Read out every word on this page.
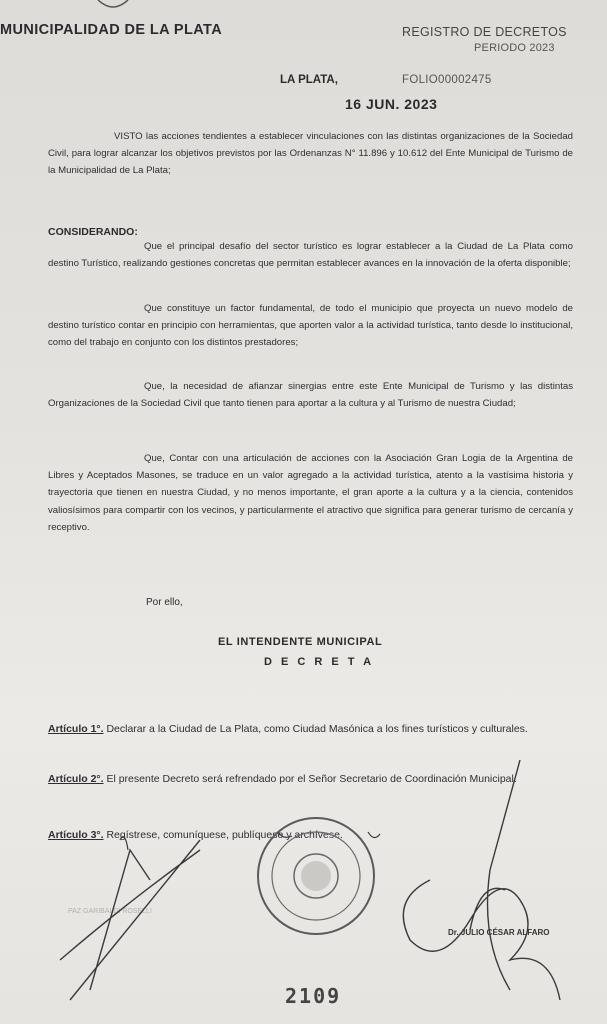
MUNICIPALIDAD DE LA PLATA	REGISTRO DE DECRETOS
PERIODO 2023
LA PLATA,	FOLIO00002475
16 JUN. 2023
VISTO las acciones tendientes a establecer vinculaciones con las distintas organizaciones de la Sociedad Civil, para lograr alcanzar los objetivos previstos por las Ordenanzas N° 11.896 y 10.612 del Ente Municipal de Turismo de la Municipalidad de La Plata;
CONSIDERANDO:
Que el principal desafío del sector turístico es lograr establecer a la Ciudad de La Plata como destino Turístico, realizando gestiones concretas que permitan establecer avances en la innovación de la oferta disponible;
Que constituye un factor fundamental, de todo el municipio que proyecta un nuevo modelo de destino turístico contar en principio con herramientas, que aporten valor a la actividad turística, tanto desde lo institucional, como del trabajo en conjunto con los distintos prestadores;
Que, la necesidad de afianzar sinergias entre este Ente Municipal de Turismo y las distintas Organizaciones de la Sociedad Civil que tanto tienen para aportar a la cultura y al Turismo de nuestra Ciudad;
Que, Contar con una articulación de acciones con la Asociación Gran Logia de la Argentina de Libres y Aceptados Masones, se traduce en un valor agregado a la actividad turística, atento a la vastísima historia y trayectoria que tienen en nuestra Ciudad, y no menos importante, el gran aporte a la cultura y a la ciencia, contenidos valiosísimos para compartir con los vecinos, y particularmente el atractivo que significa para generar turismo de cercanía y receptivo.
Por ello,
EL INTENDENTE MUNICIPAL
D E C R E T A
Artículo 1°. Declarar a la Ciudad de La Plata, como Ciudad Masónica a los fines turísticos y culturales.
Artículo 2°. El presente Decreto será refrendado por el Señor Secretario de Coordinación Municipal.
Artículo 3°. Regístrese, comuníquese, publíquese y archívese.
PAZ GARIBALDI ROSELLI
Dr. JULIO CÉSAR ALFARO
2109
